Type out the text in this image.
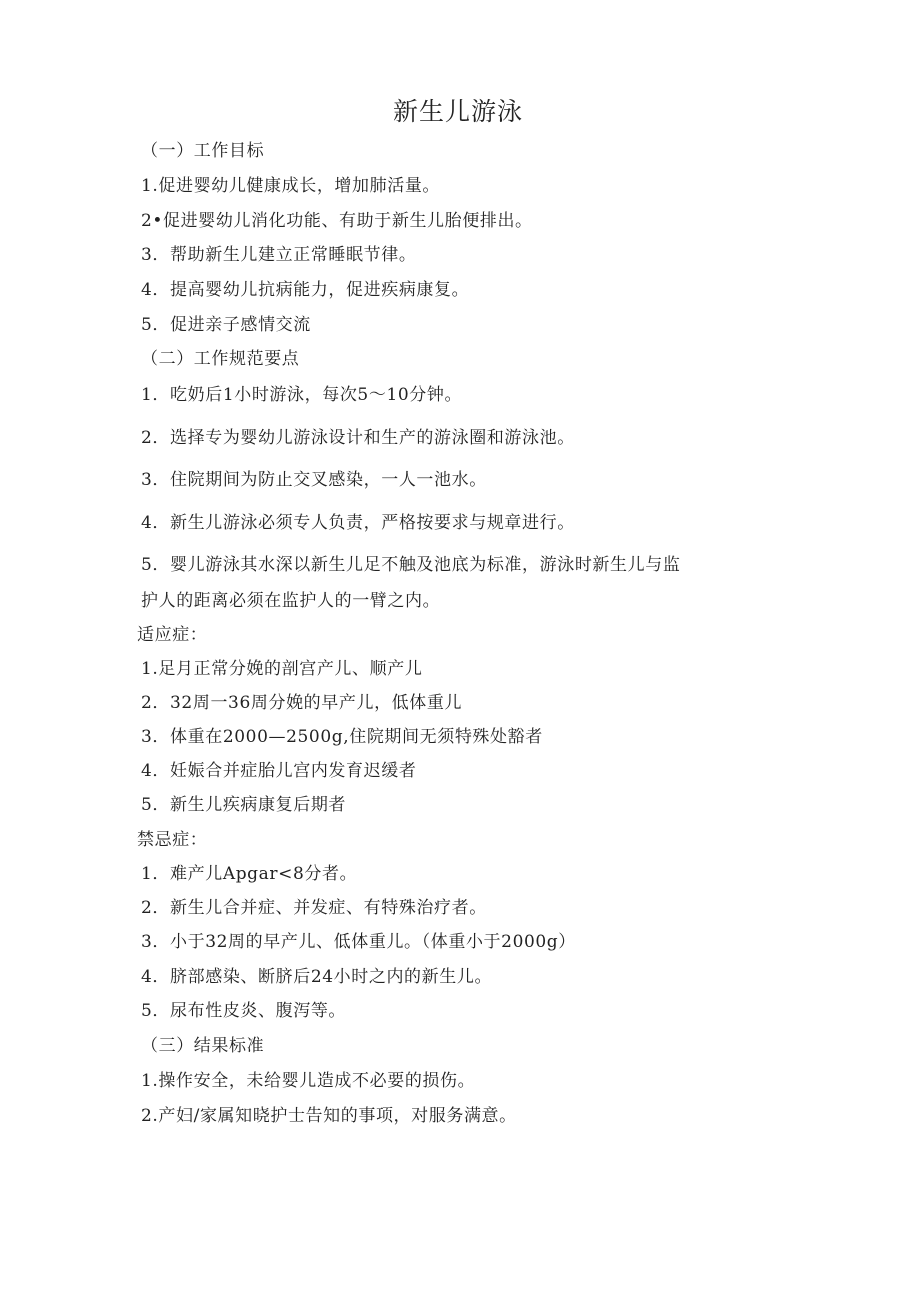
新生儿游泳
（一）工作目标
1.促进婴幼儿健康成长，增加肺活量。
2•促进婴幼儿消化功能、有助于新生儿胎便排出。
3．帮助新生儿建立正常睡眠节律。
4．提高婴幼儿抗病能力，促进疾病康复。
5．促进亲子感情交流
（二）工作规范要点
1．吃奶后1小时游泳，每次5～10分钟。
2．选择专为婴幼儿游泳设计和生产的游泳圈和游泳池。
3．住院期间为防止交叉感染，一人一池水。
4．新生儿游泳必须专人负责，严格按要求与规章进行。
5．婴儿游泳其水深以新生儿足不触及池底为标准，游泳时新生儿与监
护人的距离必须在监护人的一臂之内。
适应症：
1.足月正常分娩的剖宫产儿、顺产儿
2．32周一36周分娩的早产儿，低体重儿
3．体重在2000—2500g,住院期间无须特殊处豁者
4．妊娠合并症胎儿宫内发育迟缓者
5．新生儿疾病康复后期者
禁忌症：
1．难产儿Apgar<8分者。
2．新生儿合并症、并发症、有特殊治疗者。
3．小于32周的早产儿、低体重儿。（体重小于2000g）
4．脐部感染、断脐后24小时之内的新生儿。
5．尿布性皮炎、腹泻等。
（三）结果标准
1.操作安全，未给婴儿造成不必要的损伤。
2.产妇/家属知晓护士告知的事项，对服务满意。
